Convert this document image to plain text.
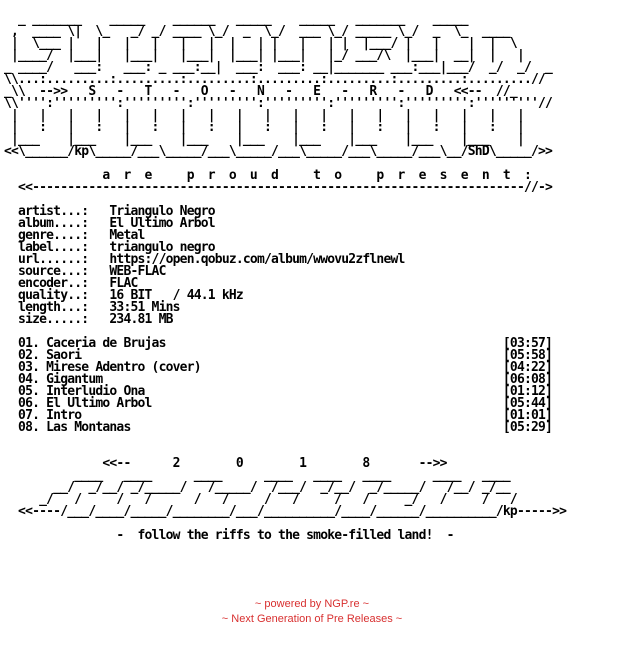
_ _______    _____    ______   _____    _____   _______    _____
,  ____ \|  \_   _/ _/ ____ \_/  _  \_/  ___ \_/ _____ \_/  _  \_  ____
|  \___ |   |   |   |   |   |  |   | |   |   | |  |___/ |   |    |  |  \
|____/  |___|   |___|   |___|  |___| |___|   |_/ ___/\  |___|  __|  |   |
_ ____/   ___:   ___: _ ___:__|  ___:  ___: __|_______ ___:___|___/  _/  _/  _
\\...:.........:.........:.........:.........:.........:.........:.........//
_\\  -->>   S   -   T   -   O   -   N   -   E   -   R   -   D   <<--  //_
\\'''':''''''''':''''''''':''''''''':''''''''':''''''''':''''''''':'''''''''//
|   |   |   |   |   |   |   |   |   |   |   |   |   |   |   |   |   |   |
|   :   |   :   |   :   |   :   |   :   |   :   |   :   |   :   |   :   |
|___    |___    |___    |___    |___    |___    |___    |___    |___    |
<<\______/kp\_____/___\_____/___\_____/___\_____/___\_____/___\__/ShD\_____/>>

a  r  e     p  r  o  u  d     t  o     p  r  e  s  e  n  t  :
<<----------------------------------------------------------------------//->

artist...:   Triangulo Negro
album....:   El Ultimo Arbol
genre....:   Metal
label....:   triangulo negro
url......:   https://open.qobuz.com/album/wwovu2zflnewl
source...:   WEB-FLAC
encoder..:   FLAC
quality..:   16 BIT   / 44.1 kHz
length...:   33:51 Mins
size.....:   234.81 MB

01. Caceria de Brujas                                                [03:57]
02. Saori                                                            [05:58]
03. Mirese Adentro (cover)                                           [04:22]
04. Gigantum                                                         [06:08]
05. Interludio Ona                                                   [01:12]
06. El Ultimo Arbol                                                  [05:44]
07. Intro                                                            [01:01]
08. Las Montanas                                                     [05:29]

<<--      2        0        1        8       -->>
____   ____      ____      ____   ____   ____      ____   ____
__/  _/__/ _/_____/   /_____/  /___/  _/__/  _/_____/   /__/ _/__
_/   /     /   /      /   /     /   /     /   /     _/   /     /   /
<<----/___/____/_____/________/___/__________/____/______/__________/kp----->>

-  follow the riffs to the smoke-filled land!  -
~ powered by NGP.re ~
~ Next Generation of Pre Releases ~
